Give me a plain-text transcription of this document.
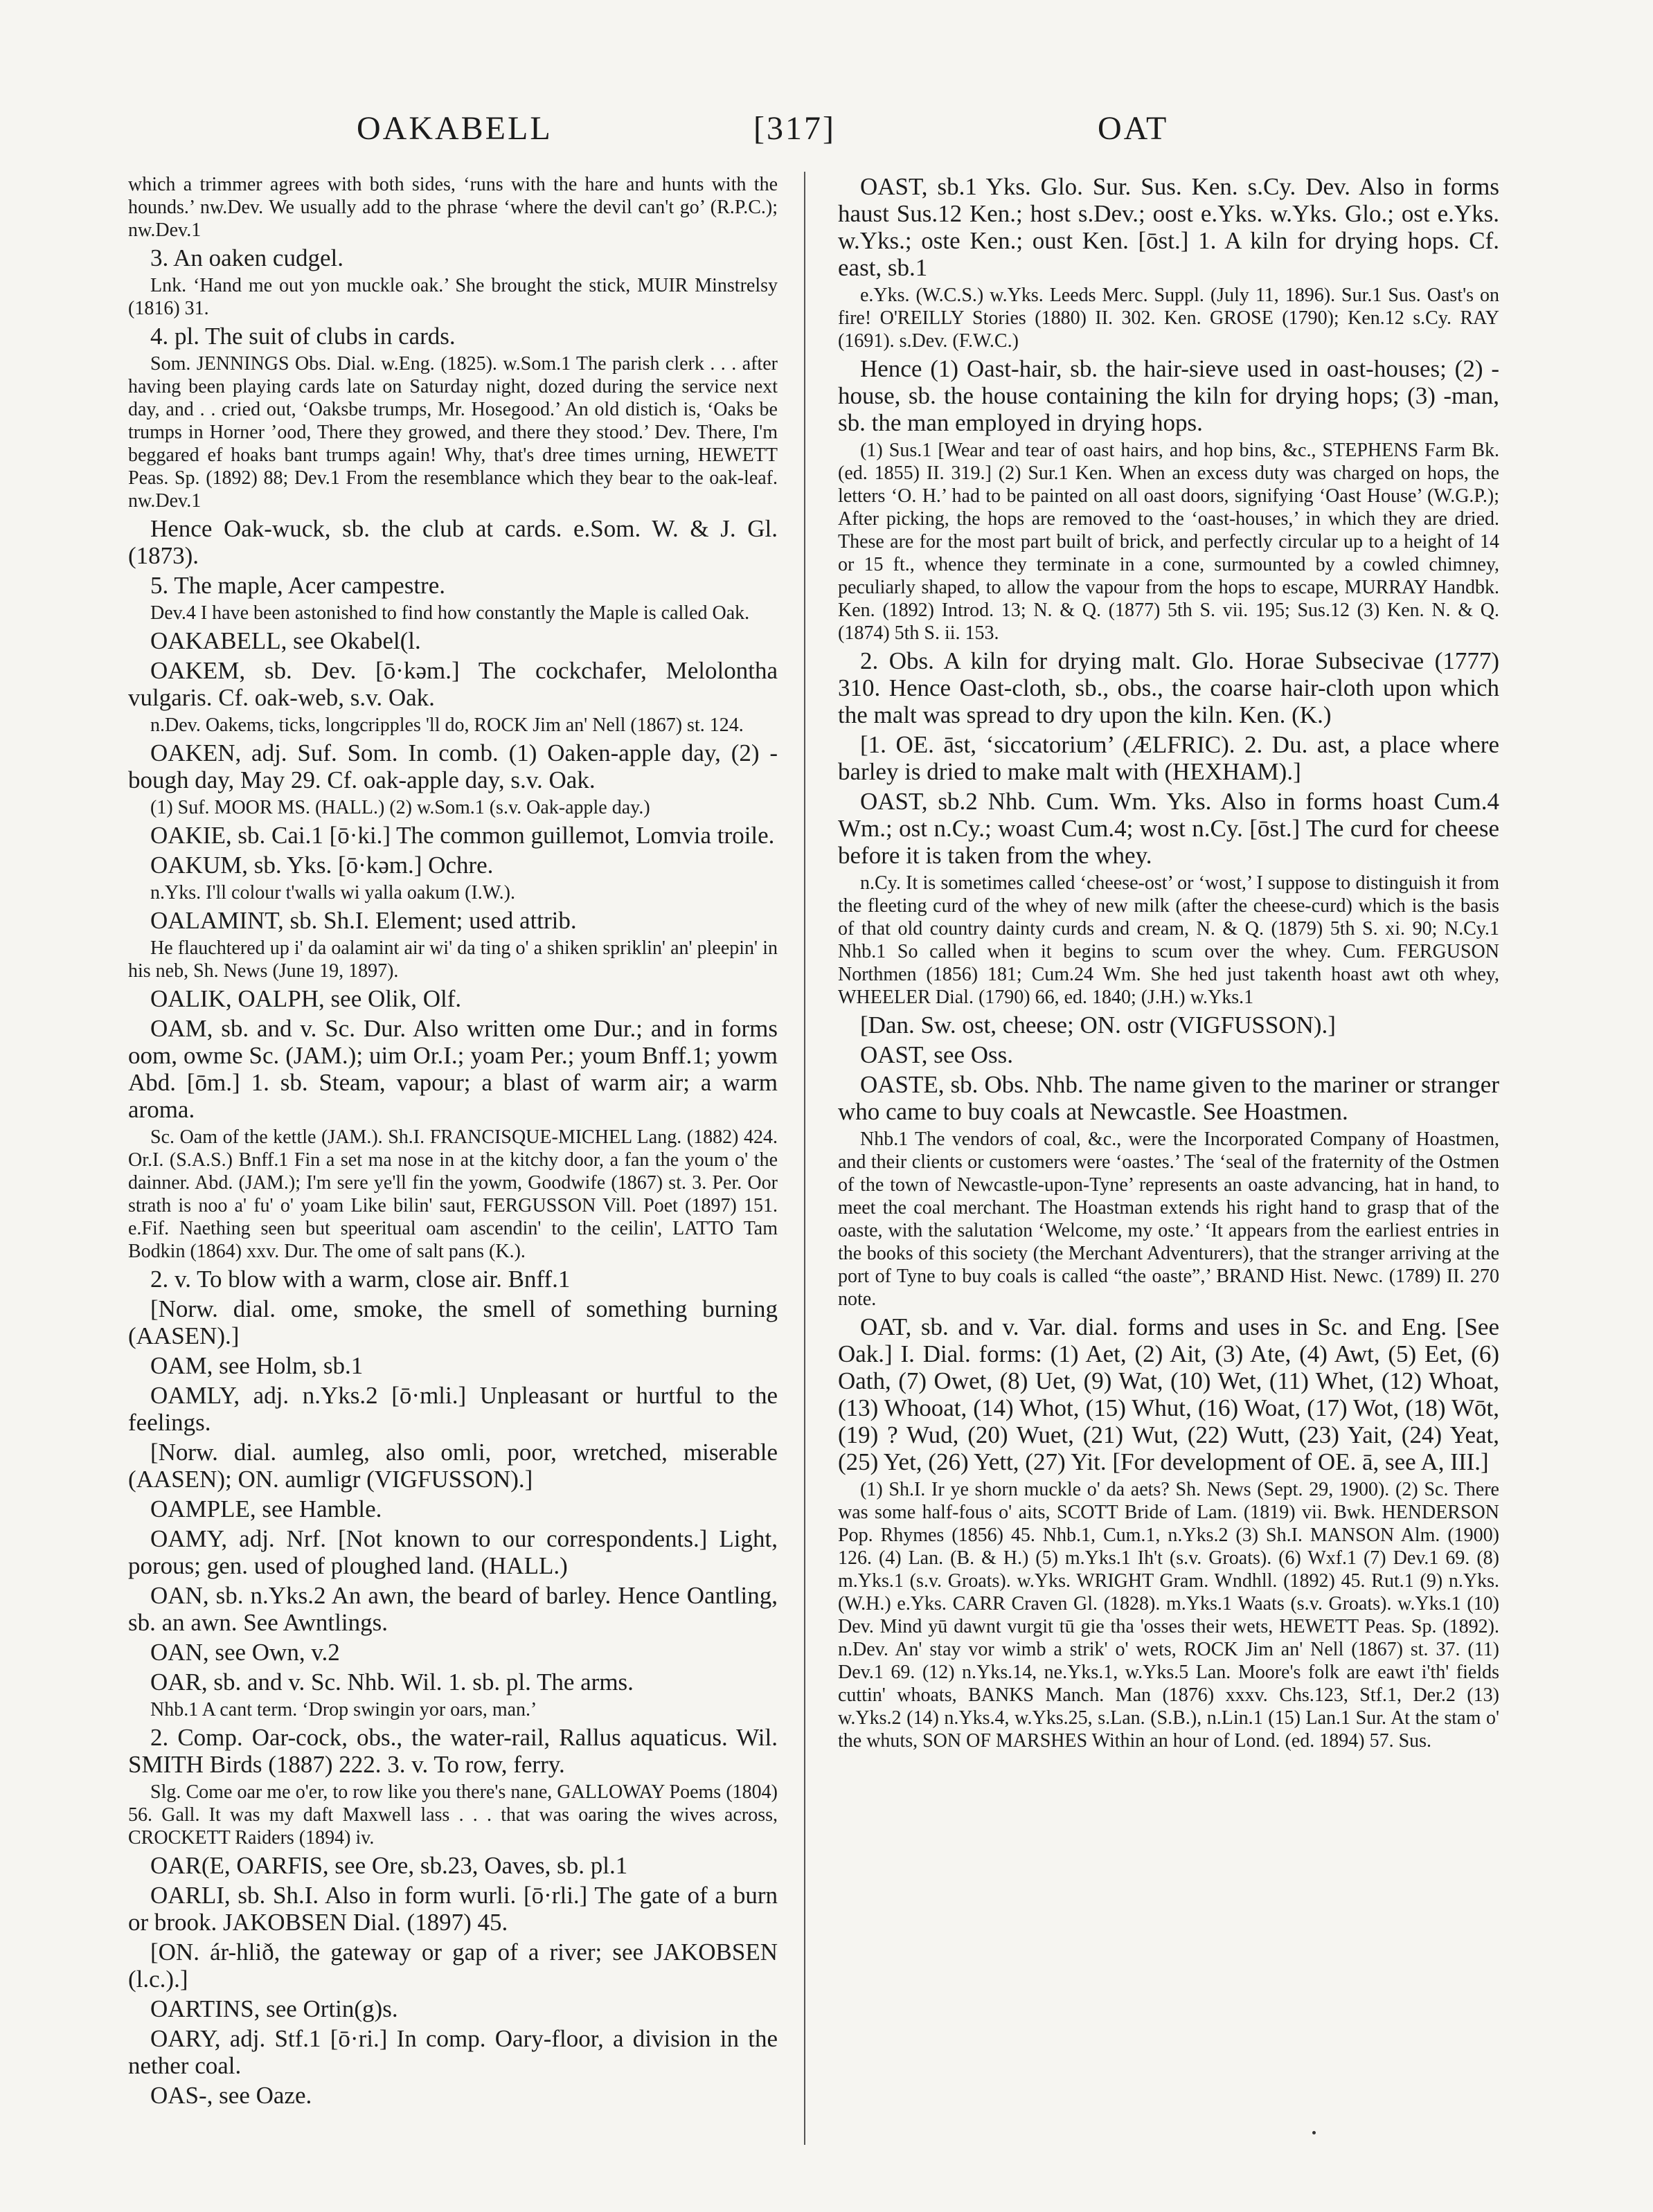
OAKABELL	[317]	OAT

which a trimmer agrees with both sides, ‘runs with the hare and hunts with the hounds.’ nw.Dev. We usually add to the phrase ‘where the devil can't go’ (R.P.C.); nw.Dev.1

3. An oaken cudgel.

Lnk. ‘Hand me out yon muckle oak.’ She brought the stick, MUIR Minstrelsy (1816) 31.

4. pl. The suit of clubs in cards.

Som. JENNINGS Obs. Dial. w.Eng. (1825). w.Som.1 The parish clerk . . . after having been playing cards late on Saturday night, dozed during the service next day, and . . cried out, ‘Oaksbe trumps, Mr. Hosegood.’ An old distich is, ‘Oaks be trumps in Horner ’ood, There they growed, and there they stood.’ Dev. There, I'm beggared ef hoaks bant trumps again! Why, that's dree times urning, HEWETT Peas. Sp. (1892) 88; Dev.1 From the resemblance which they bear to the oak-leaf. nw.Dev.1

Hence Oak-wuck, sb. the club at cards. e.Som. W. & J. Gl. (1873).

5. The maple, Acer campestre.

Dev.4 I have been astonished to find how constantly the Maple is called Oak.

OAKABELL, see Okabel(l.

OAKEM, sb. Dev. [ō·kəm.] The cockchafer, Melolontha vulgaris. Cf. oak-web, s.v. Oak.

n.Dev. Oakems, ticks, longcripples 'll do, ROCK Jim an' Nell (1867) st. 124.

OAKEN, adj. Suf. Som. In comb. (1) Oaken-apple day, (2) -bough day, May 29. Cf. oak-apple day, s.v. Oak.

(1) Suf. MOOR MS. (HALL.) (2) w.Som.1 (s.v. Oak-apple day.)

OAKIE, sb. Cai.1 [ō·ki.] The common guillemot, Lomvia troile.

OAKUM, sb. Yks. [ō·kəm.] Ochre.

n.Yks. I'll colour t'walls wi yalla oakum (I.W.).

OALAMINT, sb. Sh.I. Element; used attrib.

He flauchtered up i' da oalamint air wi' da ting o' a shiken spriklin' an' pleepin' in his neb, Sh. News (June 19, 1897).

OALIK, OALPH, see Olik, Olf.

OAM, sb. and v. Sc. Dur. Also written ome Dur.; and in forms oom, owme Sc. (JAM.); uim Or.I.; yoam Per.; youm Bnff.1; yowm Abd. [ōm.] 1. sb. Steam, vapour; a blast of warm air; a warm aroma.

Sc. Oam of the kettle (JAM.). Sh.I. FRANCISQUE-MICHEL Lang. (1882) 424. Or.I. (S.A.S.) Bnff.1 Fin a set ma nose in at the kitchy door, a fan the youm o' the dainner. Abd. (JAM.); I'm sere ye'll fin the yowm, Goodwife (1867) st. 3. Per. Oor strath is noo a' fu' o' yoam Like bilin' saut, FERGUSSON Vill. Poet (1897) 151. e.Fif. Naething seen but speeritual oam ascendin' to the ceilin', LATTO Tam Bodkin (1864) xxv. Dur. The ome of salt pans (K.).

2. v. To blow with a warm, close air. Bnff.1

[Norw. dial. ome, smoke, the smell of something burning (AASEN).]

OAM, see Holm, sb.1

OAMLY, adj. n.Yks.2 [ō·mli.] Unpleasant or hurtful to the feelings.

[Norw. dial. aumleg, also omli, poor, wretched, miserable (AASEN); ON. aumligr (VIGFUSSON).]

OAMPLE, see Hamble.

OAMY, adj. Nrf. [Not known to our correspondents.] Light, porous; gen. used of ploughed land. (HALL.)

OAN, sb. n.Yks.2 An awn, the beard of barley. Hence Oantling, sb. an awn. See Awntlings.

OAN, see Own, v.2

OAR, sb. and v. Sc. Nhb. Wil. 1. sb. pl. The arms.

Nhb.1 A cant term. ‘Drop swingin yor oars, man.’

2. Comp. Oar-cock, obs., the water-rail, Rallus aquaticus. Wil. SMITH Birds (1887) 222. 3. v. To row, ferry.

Slg. Come oar me o'er, to row like you there's nane, GALLOWAY Poems (1804) 56. Gall. It was my daft Maxwell lass . . . that was oaring the wives across, CROCKETT Raiders (1894) iv.

OAR(E, OARFIS, see Ore, sb.23, Oaves, sb. pl.1

OARLI, sb. Sh.I. Also in form wurli. [ō·rli.] The gate of a burn or brook. JAKOBSEN Dial. (1897) 45.

[ON. ár-hlið, the gateway or gap of a river; see JAKOBSEN (l.c.).]

OARTINS, see Ortin(g)s.

OARY, adj. Stf.1 [ō·ri.] In comp. Oary-floor, a division in the nether coal.

OAS-, see Oaze.

OAST, sb.1 Yks. Glo. Sur. Sus. Ken. s.Cy. Dev. Also in forms haust Sus.12 Ken.; host s.Dev.; oost e.Yks. w.Yks. Glo.; ost e.Yks. w.Yks.; oste Ken.; oust Ken. [ōst.] 1. A kiln for drying hops. Cf. east, sb.1

e.Yks. (W.C.S.) w.Yks. Leeds Merc. Suppl. (July 11, 1896). Sur.1 Sus. Oast's on fire! O'REILLY Stories (1880) II. 302. Ken. GROSE (1790); Ken.12 s.Cy. RAY (1691). s.Dev. (F.W.C.)

Hence (1) Oast-hair, sb. the hair-sieve used in oast-houses; (2) -house, sb. the house containing the kiln for drying hops; (3) -man, sb. the man employed in drying hops.

(1) Sus.1 [Wear and tear of oast hairs, and hop bins, &c., STEPHENS Farm Bk. (ed. 1855) II. 319.] (2) Sur.1 Ken. When an excess duty was charged on hops, the letters ‘O. H.’ had to be painted on all oast doors, signifying ‘Oast House’ (W.G.P.); After picking, the hops are removed to the ‘oast-houses,’ in which they are dried. These are for the most part built of brick, and perfectly circular up to a height of 14 or 15 ft., whence they terminate in a cone, surmounted by a cowled chimney, peculiarly shaped, to allow the vapour from the hops to escape, MURRAY Handbk. Ken. (1892) Introd. 13; N. & Q. (1877) 5th S. vii. 195; Sus.12 (3) Ken. N. & Q. (1874) 5th S. ii. 153.

2. Obs. A kiln for drying malt. Glo. Horae Subsecivae (1777) 310. Hence Oast-cloth, sb., obs., the coarse hair-cloth upon which the malt was spread to dry upon the kiln. Ken. (K.)

[1. OE. āst, ‘siccatorium’ (ÆLFRIC). 2. Du. ast, a place where barley is dried to make malt with (HEXHAM).]

OAST, sb.2 Nhb. Cum. Wm. Yks. Also in forms hoast Cum.4 Wm.; ost n.Cy.; woast Cum.4; wost n.Cy. [ōst.] The curd for cheese before it is taken from the whey.

n.Cy. It is sometimes called ‘cheese-ost’ or ‘wost,’ I suppose to distinguish it from the fleeting curd of the whey of new milk (after the cheese-curd) which is the basis of that old country dainty curds and cream, N. & Q. (1879) 5th S. xi. 90; N.Cy.1 Nhb.1 So called when it begins to scum over the whey. Cum. FERGUSON Northmen (1856) 181; Cum.24 Wm. She hed just takenth hoast awt oth whey, WHEELER Dial. (1790) 66, ed. 1840; (J.H.) w.Yks.1

[Dan. Sw. ost, cheese; ON. ostr (VIGFUSSON).]

OAST, see Oss.

OASTE, sb. Obs. Nhb. The name given to the mariner or stranger who came to buy coals at Newcastle. See Hoastmen.

Nhb.1 The vendors of coal, &c., were the Incorporated Company of Hoastmen, and their clients or customers were ‘oastes.’ The ‘seal of the fraternity of the Ostmen of the town of Newcastle-upon-Tyne’ represents an oaste advancing, hat in hand, to meet the coal merchant. The Hoastman extends his right hand to grasp that of the oaste, with the salutation ‘Welcome, my oste.’ ‘It appears from the earliest entries in the books of this society (the Merchant Adventurers), that the stranger arriving at the port of Tyne to buy coals is called “the oaste”,’ BRAND Hist. Newc. (1789) II. 270 note.

OAT, sb. and v. Var. dial. forms and uses in Sc. and Eng. [See Oak.] I. Dial. forms: (1) Aet, (2) Ait, (3) Ate, (4) Awt, (5) Eet, (6) Oath, (7) Owet, (8) Uet, (9) Wat, (10) Wet, (11) Whet, (12) Whoat, (13) Whooat, (14) Whot, (15) Whut, (16) Woat, (17) Wot, (18) Wōt, (19) ? Wud, (20) Wuet, (21) Wut, (22) Wutt, (23) Yait, (24) Yeat, (25) Yet, (26) Yett, (27) Yit. [For development of OE. ā, see A, III.]

(1) Sh.I. Ir ye shorn muckle o' da aets? Sh. News (Sept. 29, 1900). (2) Sc. There was some half-fous o' aits, SCOTT Bride of Lam. (1819) vii. Bwk. HENDERSON Pop. Rhymes (1856) 45. Nhb.1, Cum.1, n.Yks.2 (3) Sh.I. MANSON Alm. (1900) 126. (4) Lan. (B. & H.) (5) m.Yks.1 Ih't (s.v. Groats). (6) Wxf.1 (7) Dev.1 69. (8) m.Yks.1 (s.v. Groats). w.Yks. WRIGHT Gram. Wndhll. (1892) 45. Rut.1 (9) n.Yks. (W.H.) e.Yks. CARR Craven Gl. (1828). m.Yks.1 Waats (s.v. Groats). w.Yks.1 (10) Dev. Mind yū dawnt vurgit tū gie tha 'osses their wets, HEWETT Peas. Sp. (1892). n.Dev. An' stay vor wimb a strik' o' wets, ROCK Jim an' Nell (1867) st. 37. (11) Dev.1 69. (12) n.Yks.14, ne.Yks.1, w.Yks.5 Lan. Moore's folk are eawt i'th' fields cuttin' whoats, BANKS Manch. Man (1876) xxxv. Chs.123, Stf.1, Der.2 (13) w.Yks.2 (14) n.Yks.4, w.Yks.25, s.Lan. (S.B.), n.Lin.1 (15) Lan.1 Sur. At the stam o' the whuts, SON OF MARSHES Within an hour of Lond. (ed. 1894) 57. Sus.
